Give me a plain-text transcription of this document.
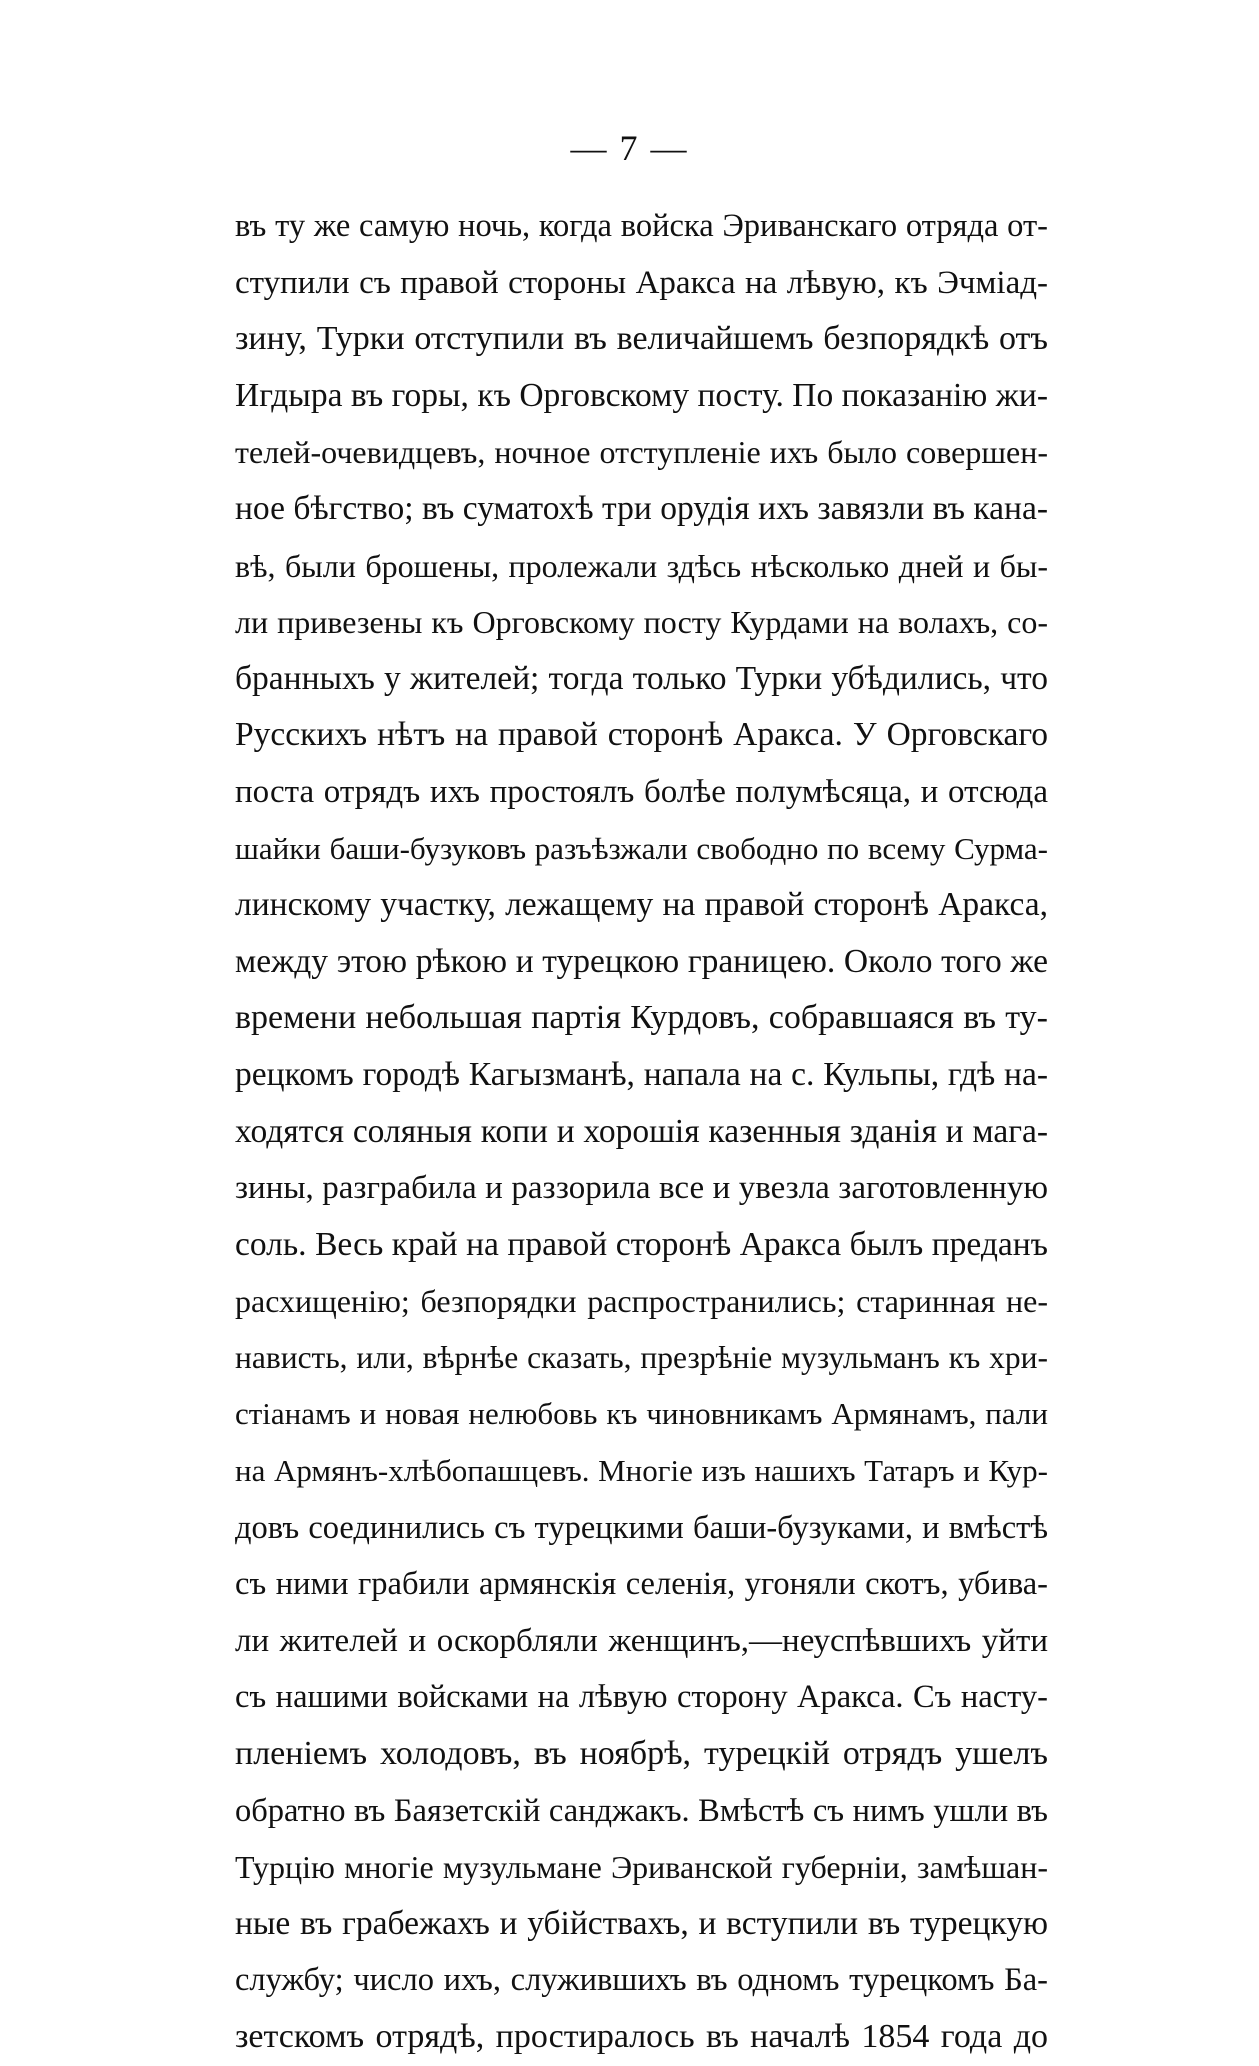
— 7 —
въ ту же самую ночь, когда войска Эриванскаго отряда от-
ступили съ правой стороны Аракса на лѣвую, къ Эчміад-
зину, Турки отступили въ величайшемъ безпорядкѣ отъ
Игдыра въ горы, къ Орговскому посту. По показанію жи-
телей-очевидцевъ, ночное отступленіе ихъ было совершен-
ное бѣгство; въ суматохѣ три орудія ихъ завязли въ кана-
вѣ, были брошены, пролежали здѣсь нѣсколько дней и бы-
ли привезены къ Орговскому посту Курдами на волахъ, со-
бранныхъ у жителей; тогда только Турки убѣдились, что
Русскихъ нѣтъ на правой сторонѣ Аракса. У Орговскаго
поста отрядъ ихъ простоялъ болѣе полумѣсяца, и отсюда
шайки баши-бузуковъ разъѣзжали свободно по всему Сурма-
линскому участку, лежащему на правой сторонѣ Аракса,
между этою рѣкою и турецкою границею. Около того же
времени небольшая партія Курдовъ, собравшаяся въ ту-
рецкомъ городѣ Кагызманѣ, напала на с. Кульпы, гдѣ на-
ходятся соляныя копи и хорошія казенныя зданія и мага-
зины, разграбила и раззорила все и увезла заготовленную
соль. Весь край на правой сторонѣ Аракса былъ преданъ
расхищенію; безпорядки распространились; старинная не-
нависть, или, вѣрнѣе сказать, презрѣніе музульманъ къ хри-
стіанамъ и новая нелюбовь къ чиновникамъ Армянамъ, пали
на Армянъ-хлѣбопашцевъ. Многіе изъ нашихъ Татаръ и Кур-
довъ соединились съ турецкими баши-бузуками, и вмѣстѣ
съ ними грабили армянскія селенія, угоняли скотъ, убива-
ли жителей и оскорбляли женщинъ,—неуспѣвшихъ уйти
съ нашими войсками на лѣвую сторону Аракса. Съ насту-
пленіемъ холодовъ, въ ноябрѣ, турецкій отрядъ ушелъ
обратно въ Баязетскій санджакъ. Вмѣстѣ съ нимъ ушли въ
Турцію многіе музульмане Эриванской губерніи, замѣшан-
ные въ грабежахъ и убійствахъ, и вступили въ турецкую
службу; число ихъ, служившихъ въ одномъ турецкомъ Ба-
зетскомъ отрядѣ, простиралось въ началѣ 1854 года до
